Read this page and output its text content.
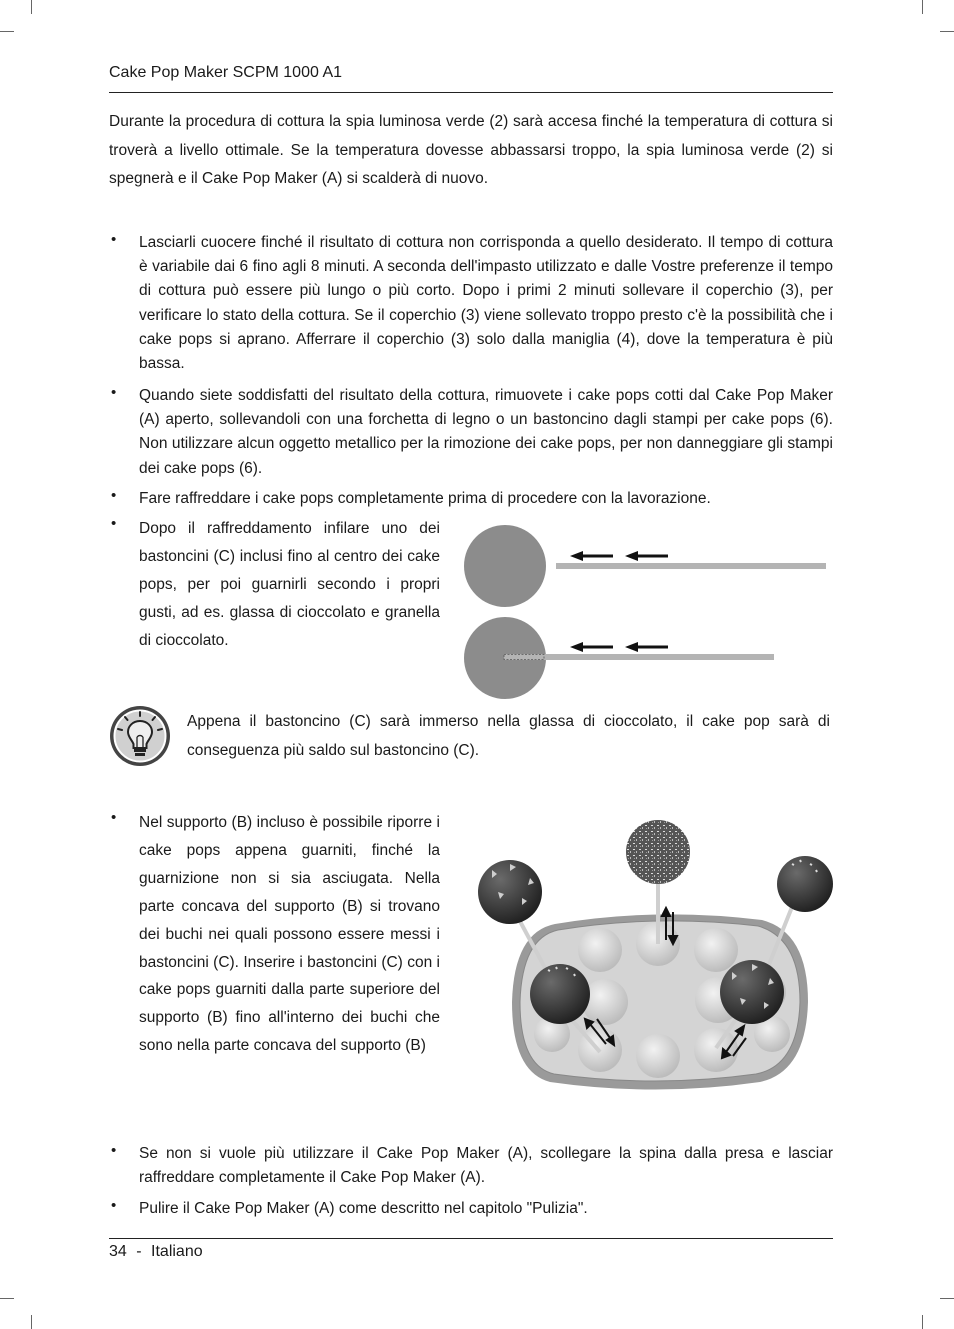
Cake Pop Maker SCPM 1000 A1
Durante la procedura di cottura la spia luminosa verde (2) sarà accesa finché la temperatura di cottura si troverà a livello ottimale. Se la temperatura dovesse abbassarsi troppo, la spia luminosa verde (2) si spegnerà e il Cake Pop Maker (A) si scalderà di nuovo.
Lasciarli cuocere finché il risultato di cottura non corrisponda a quello desiderato. Il tempo di cottura è variabile dai 6 fino agli 8 minuti. A seconda dell'impasto utilizzato e dalle Vostre preferenze il tempo di cottura può essere più lungo o più corto. Dopo i primi 2 minuti sollevare il coperchio (3), per verificare lo stato della cottura. Se il coperchio (3) viene sollevato troppo presto c'è la possibilità che i cake pops si aprano. Afferrare il coperchio (3) solo dalla maniglia (4), dove la temperatura è più bassa.
Quando siete soddisfatti del risultato della cottura, rimuovete i cake pops cotti dal Cake Pop Maker (A) aperto, sollevandoli con una forchetta di legno o un bastoncino dagli stampi per cake pops (6). Non utilizzare alcun oggetto metallico per la rimozione dei cake pops, per non danneggiare gli stampi dei cake pops (6).
Fare raffreddare i cake pops completamente prima di procedere con la lavorazione.
Dopo il raffreddamento infilare uno dei bastoncini (C) inclusi fino al centro dei cake pops, per poi guarnirli secondo i propri gusti, ad es. glassa di cioccolato e granella di cioccolato.
Appena il bastoncino (C) sarà immerso nella glassa di cioccolato, il cake pop sarà di conseguenza più saldo sul bastoncino (C).
Nel supporto (B) incluso è possibile riporre i cake pops appena guarniti, finché la guarnizione non si sia asciugata. Nella parte concava del supporto (B) si trovano dei buchi nei quali possono essere messi i bastoncini (C). Inserire i bastoncini (C) con i cake pops guarniti dalla parte superiore del supporto (B) fino all'interno dei buchi che sono nella parte concava del supporto (B)
Se non si vuole più utilizzare il Cake Pop Maker (A), scollegare la spina dalla presa e lasciar raffreddare completamente il Cake Pop Maker (A).
Pulire il Cake Pop Maker (A) come descritto nel capitolo "Pulizia".
34 - Italiano
